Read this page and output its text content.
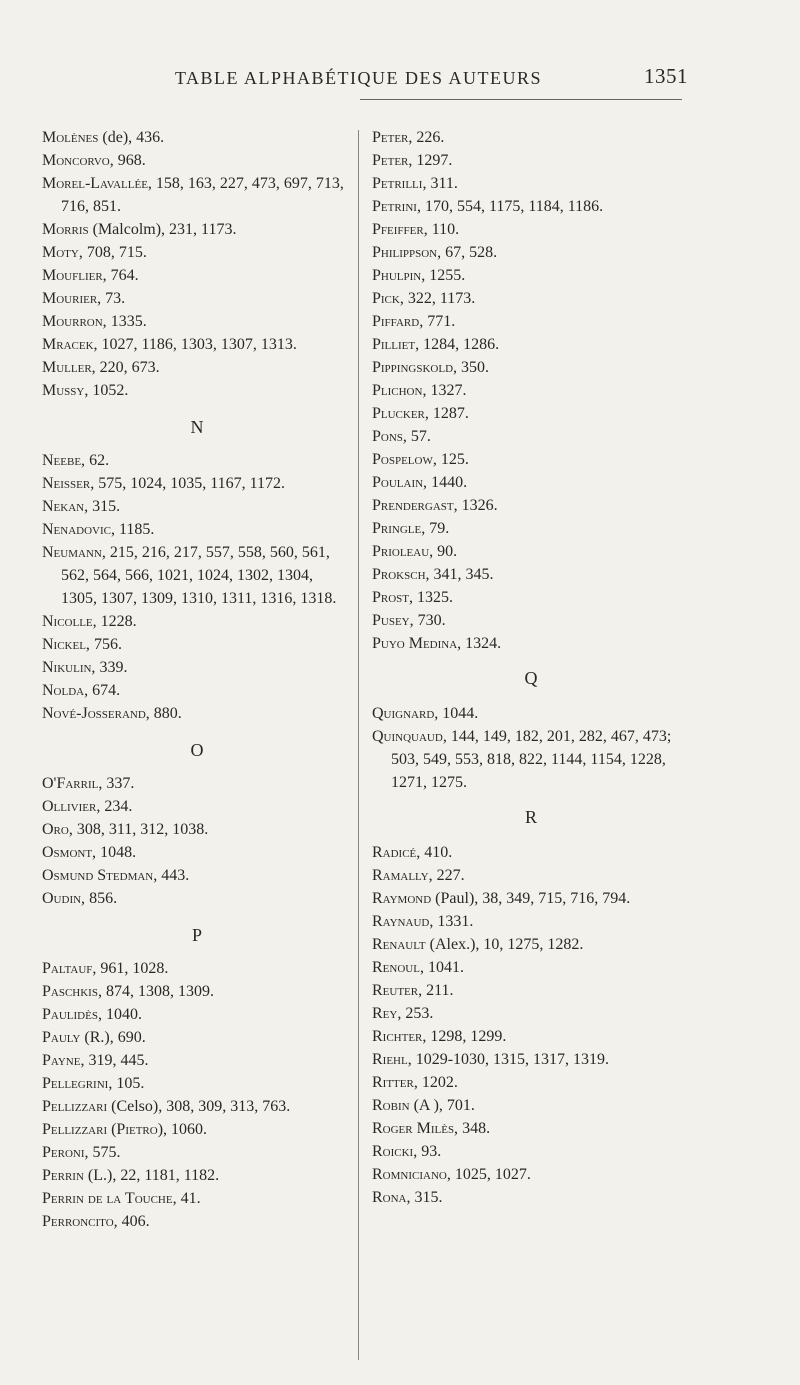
TABLE ALPHABÉTIQUE DES AUTEURS	1351

Molènes (de), 436.

Moncorvo, 968.

Morel-Lavallée, 158, 163, 227, 473, 697, 713, 716, 851.

Morris (Malcolm), 231, 1173.

Moty, 708, 715.

Mouflier, 764.

Mourier, 73.

Mourron, 1335.

Mracek, 1027, 1186, 1303, 1307, 1313.

Muller, 220, 673.

Mussy, 1052.

N

Neebe, 62.

Neisser, 575, 1024, 1035, 1167, 1172.

Nekan, 315.

Nenadovic, 1185.

Neumann, 215, 216, 217, 557, 558, 560, 561, 562, 564, 566, 1021, 1024, 1302, 1304, 1305, 1307, 1309, 1310, 1311, 1316, 1318.

Nicolle, 1228.

Nickel, 756.

Nikulin, 339.

Nolda, 674.

Nové-Josserand, 880.

O

O'Farril, 337.

Ollivier, 234.

Oro, 308, 311, 312, 1038.

Osmont, 1048.

Osmund Stedman, 443.

Oudin, 856.

P

Paltauf, 961, 1028.

Paschkis, 874, 1308, 1309.

Paulidès, 1040.

Pauly (R.), 690.

Payne, 319, 445.

Pellegrini, 105.

Pellizzari (Celso), 308, 309, 313, 763.

Pellizzari (Pietro), 1060.

Peroni, 575.

Perrin (L.), 22, 1181, 1182.

Perrin de la Touche, 41.

Perroncito, 406.

Peter, 226.

Peter, 1297.

Petrilli, 311.

Petrini, 170, 554, 1175, 1184, 1186.

Pfeiffer, 110.

Philippson, 67, 528.

Phulpin, 1255.

Pick, 322, 1173.

Piffard, 771.

Pilliet, 1284, 1286.

Pippingskold, 350.

Plichon, 1327.

Plucker, 1287.

Pons, 57.

Pospelow, 125.

Poulain, 1440.

Prendergast, 1326.

Pringle, 79.

Prioleau, 90.

Proksch, 341, 345.

Prost, 1325.

Pusey, 730.

Puyo Medina, 1324.

Q

Quignard, 1044.

Quinquaud, 144, 149, 182, 201, 282, 467, 473; 503, 549, 553, 818, 822, 1144, 1154, 1228, 1271, 1275.

R

Radicé, 410.

Ramally, 227.

Raymond (Paul), 38, 349, 715, 716, 794.

Raynaud, 1331.

Renault (Alex.), 10, 1275, 1282.

Renoul, 1041.

Reuter, 211.

Rey, 253.

Richter, 1298, 1299.

Riehl, 1029-1030, 1315, 1317, 1319.

Ritter, 1202.

Robin (A ), 701.

Roger Milès, 348.

Roicki, 93.

Romniciano, 1025, 1027.

Rona, 315.
